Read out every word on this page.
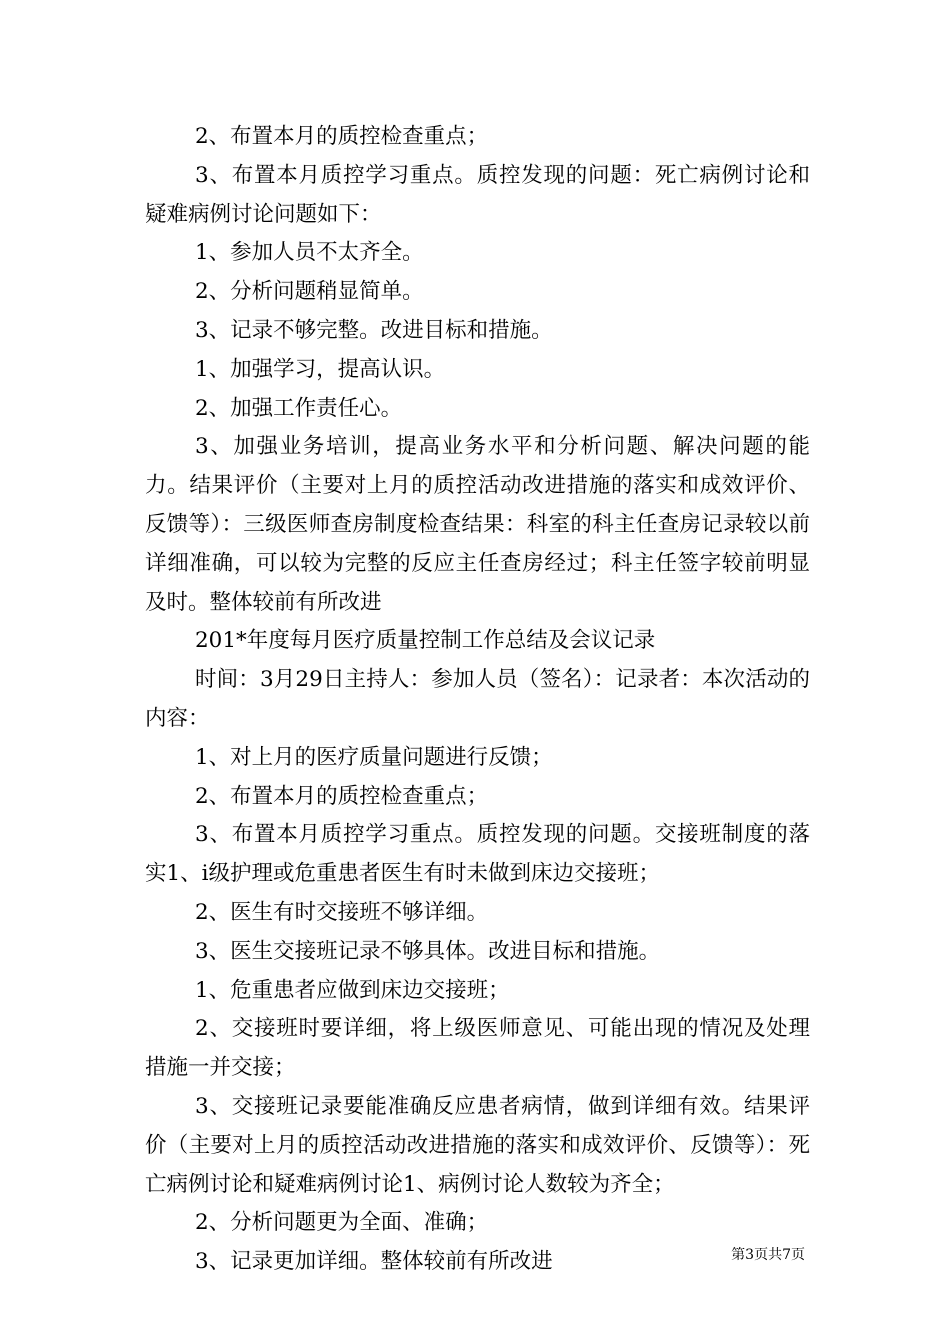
2、布置本月的质控检查重点；

3、布置本月质控学习重点。质控发现的问题：死亡病例讨论和疑难病例讨论问题如下：

1、参加人员不太齐全。

2、分析问题稍显简单。

3、记录不够完整。改进目标和措施。

1、加强学习，提高认识。

2、加强工作责任心。

3、加强业务培训，提高业务水平和分析问题、解决问题的能力。结果评价（主要对上月的质控活动改进措施的落实和成效评价、反馈等）：三级医师查房制度检查结果：科室的科主任查房记录较以前详细准确，可以较为完整的反应主任查房经过；科主任签字较前明显及时。整体较前有所改进

201*年度每月医疗质量控制工作总结及会议记录

时间：3月29日主持人：参加人员（签名）：记录者：本次活动的内容：

1、对上月的医疗质量问题进行反馈；

2、布置本月的质控检查重点；

3、布置本月质控学习重点。质控发现的问题。交接班制度的落实1、i级护理或危重患者医生有时未做到床边交接班；

2、医生有时交接班不够详细。

3、医生交接班记录不够具体。改进目标和措施。

1、危重患者应做到床边交接班；

2、交接班时要详细，将上级医师意见、可能出现的情况及处理措施一并交接；

3、交接班记录要能准确反应患者病情，做到详细有效。结果评价（主要对上月的质控活动改进措施的落实和成效评价、反馈等）：死亡病例讨论和疑难病例讨论1、病例讨论人数较为齐全；

2、分析问题更为全面、准确；

3、记录更加详细。整体较前有所改进	第3页共7页
